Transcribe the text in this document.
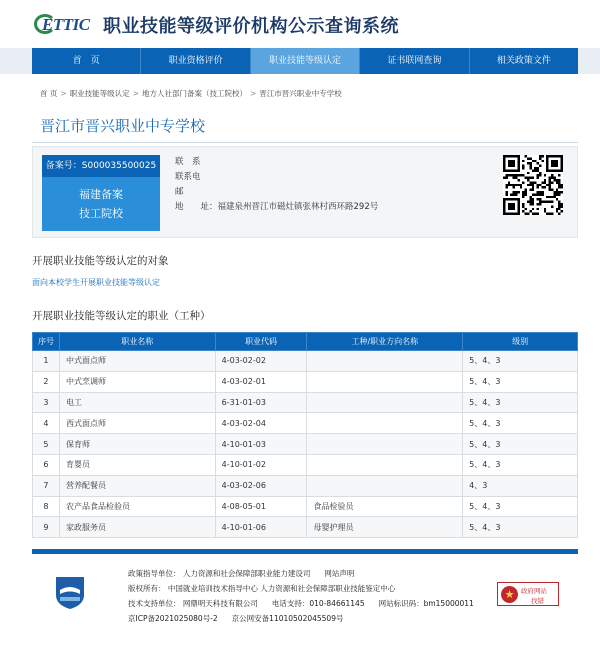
ETTIC 职业技能等级评价机构公示查询系统
首　页	职业资格评价	职业技能等级认定	证书联网查询	相关政策文件
首 页 > 职业技能等级认定 > 地方人社部门备案（技工院校） > 晋江市晋兴职业中专学校
晋江市晋兴职业中专学校
备案号：S000035500025
福建备案
技工院校
联　系
联系电
邮
地　　址：福建泉州晋江市磁灶镇张林村西环路292号
开展职业技能等级认定的对象
面向本校学生开展职业技能等级认定
开展职业技能等级认定的职业（工种）
序号	职业名称	职业代码	工种/职业方向名称	级别
1	中式面点师	4-03-02-02		5、4、3
2	中式烹调师	4-03-02-01		5、4、3
3	电工	6-31-01-03		5、4、3
4	西式面点师	4-03-02-04		5、4、3
5	保育师	4-10-01-03		5、4、3
6	育婴员	4-10-01-02		5、4、3
7	营养配餐员	4-03-02-06		4、3
8	农产品食品检验员	4-08-05-01	食品检验员	5、4、3
9	家政服务员	4-10-01-06	母婴护理员	5、4、3
政策指导单位： 人力资源和社会保障部职业能力建设司 网站声明
版权所有： 中国就业培训技术指导中心 人力资源和社会保障部职业技能鉴定中心
技术支持单位： 网鼎明天科技有限公司 电话支持：010-84661145 网站标识码：bm15000011
京ICP备2021025080号-2 京公网安备11010502045509号
★	政府网站
找错
